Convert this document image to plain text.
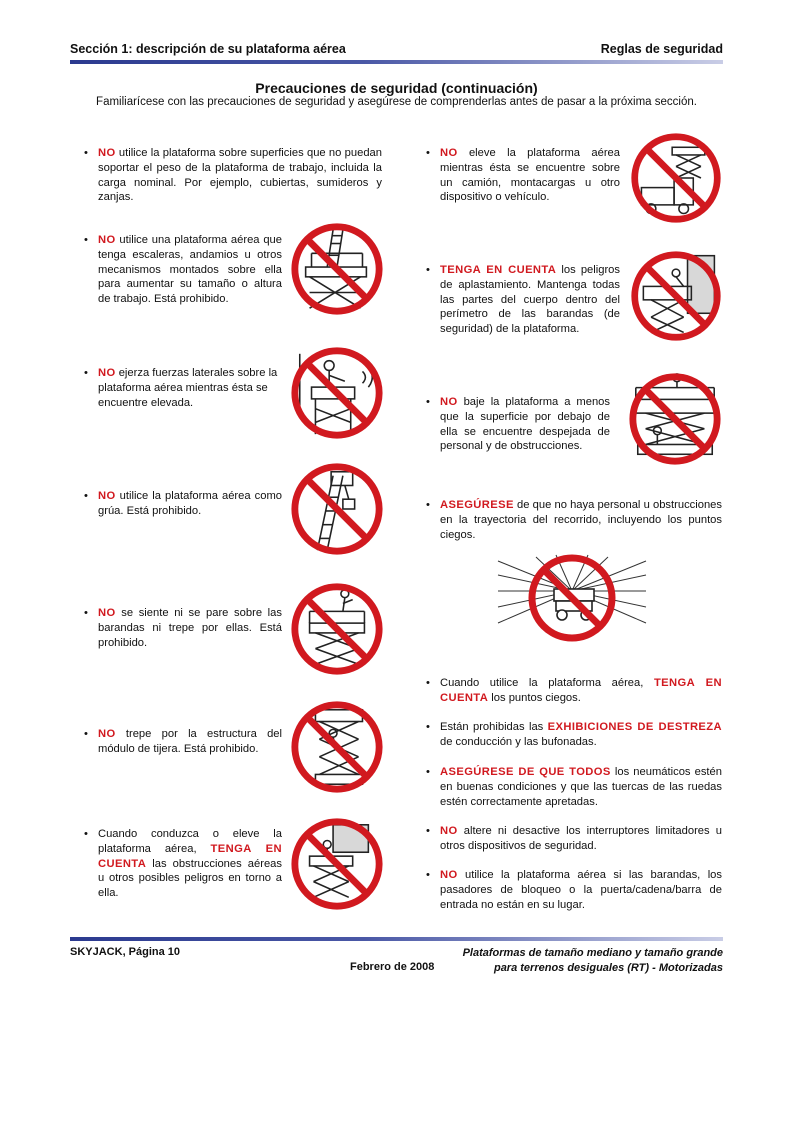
Sección 1: descripción de su plataforma aérea	Reglas de seguridad
Precauciones de seguridad (continuación)
Familiarícese con las precauciones de seguridad y asegúrese de comprenderlas antes de pasar a la próxima sección.
• NO utilice la plataforma sobre superficies que no puedan soportar el peso de la plataforma de trabajo, incluida la carga nominal. Por ejemplo, cubiertas, sumideros y zanjas.
• NO utilice una plataforma aérea que tenga escaleras, andamios u otros mecanismos montados sobre ella para aumentar su tamaño o altura de trabajo. Está prohibido.
• NO ejerza fuerzas laterales sobre la plataforma aérea mientras ésta se encuentre elevada.
• NO utilice la plataforma aérea como grúa. Está prohibido.
• NO se siente ni se pare sobre las barandas ni trepe por ellas. Está prohibido.
• NO trepe por la estructura del módulo de tijera. Está prohibido.
• Cuando conduzca o eleve la plataforma aérea, TENGA EN CUENTA las obstrucciones aéreas u otros posibles peligros en torno a ella.
• NO eleve la plataforma aérea mientras ésta se encuentre sobre un camión, montacargas u otro dispositivo o vehículo.
• TENGA EN CUENTA los peligros de aplastamiento. Mantenga todas las partes del cuerpo dentro del perímetro de las barandas (de seguridad) de la plataforma.
• NO baje la plataforma a menos que la superficie por debajo de ella se encuentre despejada de personal y de obstrucciones.
• ASEGÚRESE de que no haya personal u obstrucciones en la trayectoria del recorrido, incluyendo los puntos ciegos.
• Cuando utilice la plataforma aérea, TENGA EN CUENTA los puntos ciegos.
• Están prohibidas las EXHIBICIONES DE DESTREZA de conducción y las bufonadas.
• ASEGÚRESE DE QUE TODOS los neumáticos estén en buenas condiciones y que las tuercas de las ruedas estén correctamente apretadas.
• NO altere ni desactive los interruptores limitadores u otros dispositivos de seguridad.
• NO utilice la plataforma aérea si las barandas, los pasadores de bloqueo o la puerta/cadena/barra de entrada no están en su lugar.
SKYJACK, Página 10
Febrero de 2008
Plataformas de tamaño mediano y tamaño grande
para terrenos desiguales (RT) - Motorizadas
